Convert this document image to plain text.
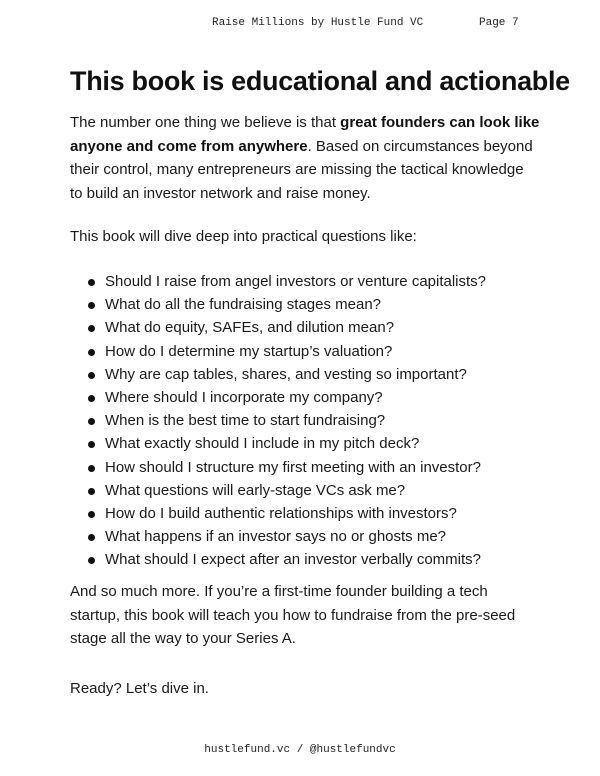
Raise Millions by Hustle Fund VC	Page 7
This book is educational and actionable

The number one thing we believe is that great founders can look like anyone and come from anywhere. Based on circumstances beyond their control, many entrepreneurs are missing the tactical knowledge to build an investor network and raise money.

This book will dive deep into practical questions like:

Should I raise from angel investors or venture capitalists?
What do all the fundraising stages mean?
What do equity, SAFEs, and dilution mean?
How do I determine my startup’s valuation?
Why are cap tables, shares, and vesting so important?
Where should I incorporate my company?
When is the best time to start fundraising?
What exactly should I include in my pitch deck?
How should I structure my first meeting with an investor?
What questions will early-stage VCs ask me?
How do I build authentic relationships with investors?
What happens if an investor says no or ghosts me?
What should I expect after an investor verbally commits?

And so much more. If you’re a first-time founder building a tech startup, this book will teach you how to fundraise from the pre-seed stage all the way to your Series A.

Ready? Let’s dive in.

hustlefund.vc / @hustlefundvc
